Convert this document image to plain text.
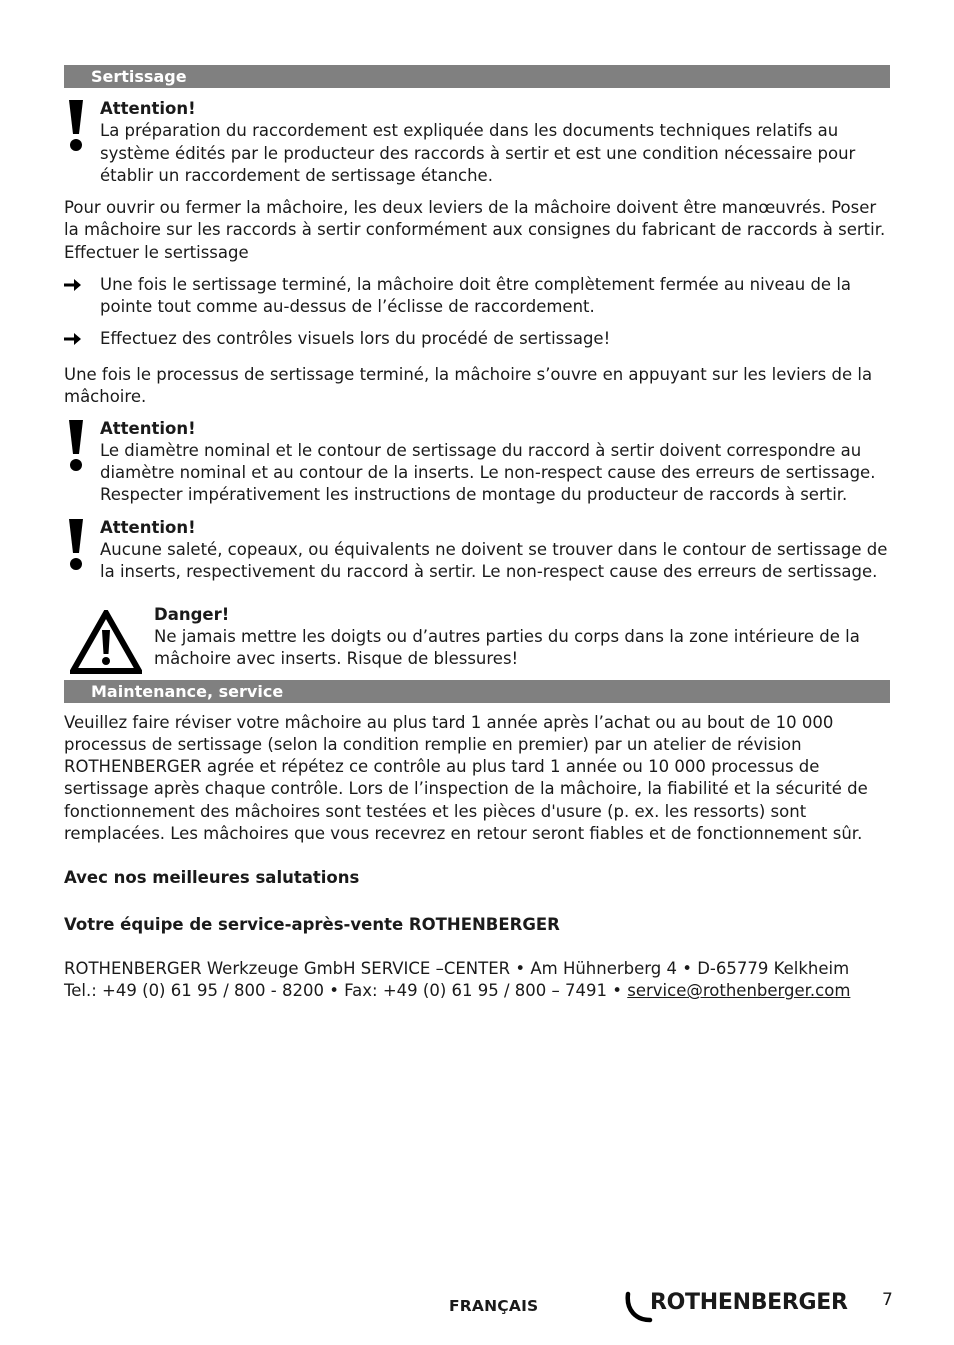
Sertissage

Attention!

La préparation du raccordement est expliquée dans les documents techniques relatifs au système édités par le producteur des raccords à sertir et est une condition nécessaire pour établir un raccordement de sertissage étanche.

Pour ouvrir ou fermer la mâchoire, les deux leviers de la mâchoire doivent être manœuvrés. Poser la mâchoire sur les raccords à sertir conformément aux consignes du fabricant de raccords à sertir. Effectuer le sertissage

Une fois le sertissage terminé, la mâchoire doit être complètement fermée au niveau de la pointe tout comme au-dessus de l’éclisse de raccordement.

Effectuez des contrôles visuels lors du procédé de sertissage!

Une fois le processus de sertissage terminé, la mâchoire s’ouvre en appuyant sur les leviers de la mâchoire.

Attention!

Le diamètre nominal et le contour de sertissage du raccord à sertir doivent correspondre au diamètre nominal et au contour de la inserts. Le non-respect cause des erreurs de sertissage. Respecter impérativement les instructions de montage du producteur de raccords à sertir.

Attention!

Aucune saleté, copeaux, ou équivalents ne doivent se trouver dans le contour de sertissage de la inserts, respectivement du raccord à sertir. Le non-respect cause des erreurs de sertissage.

Danger!

Ne jamais mettre les doigts ou d’autres parties du corps dans la zone intérieure de la mâchoire avec inserts. Risque de blessures!

Maintenance, service

Veuillez faire réviser votre mâchoire au plus tard 1 année après l’achat ou au bout de 10 000 processus de sertissage (selon la condition remplie en premier) par un atelier de révision ROTHENBERGER agrée et répétez ce contrôle au plus tard 1 année ou 10 000 processus de sertissage après chaque contrôle. Lors de l’inspection de la mâchoire, la fiabilité et la sécurité de fonctionnement des mâchoires sont testées et les pièces d'usure (p. ex. les ressorts) sont remplacées. Les mâchoires que vous recevrez en retour seront fiables et de fonctionnement sûr.

Avec nos meilleures salutations

Votre équipe de service-après-vente ROTHENBERGER

ROTHENBERGER Werkzeuge GmbH SERVICE –CENTER • Am Hühnerberg 4 • D-65779 Kelkheim

Tel.: +49 (0) 61 95 / 800 - 8200 • Fax: +49 (0) 61 95 / 800 – 7491 • service@rothenberger.com

FRANÇAIS	ROTHENBERGER 7
